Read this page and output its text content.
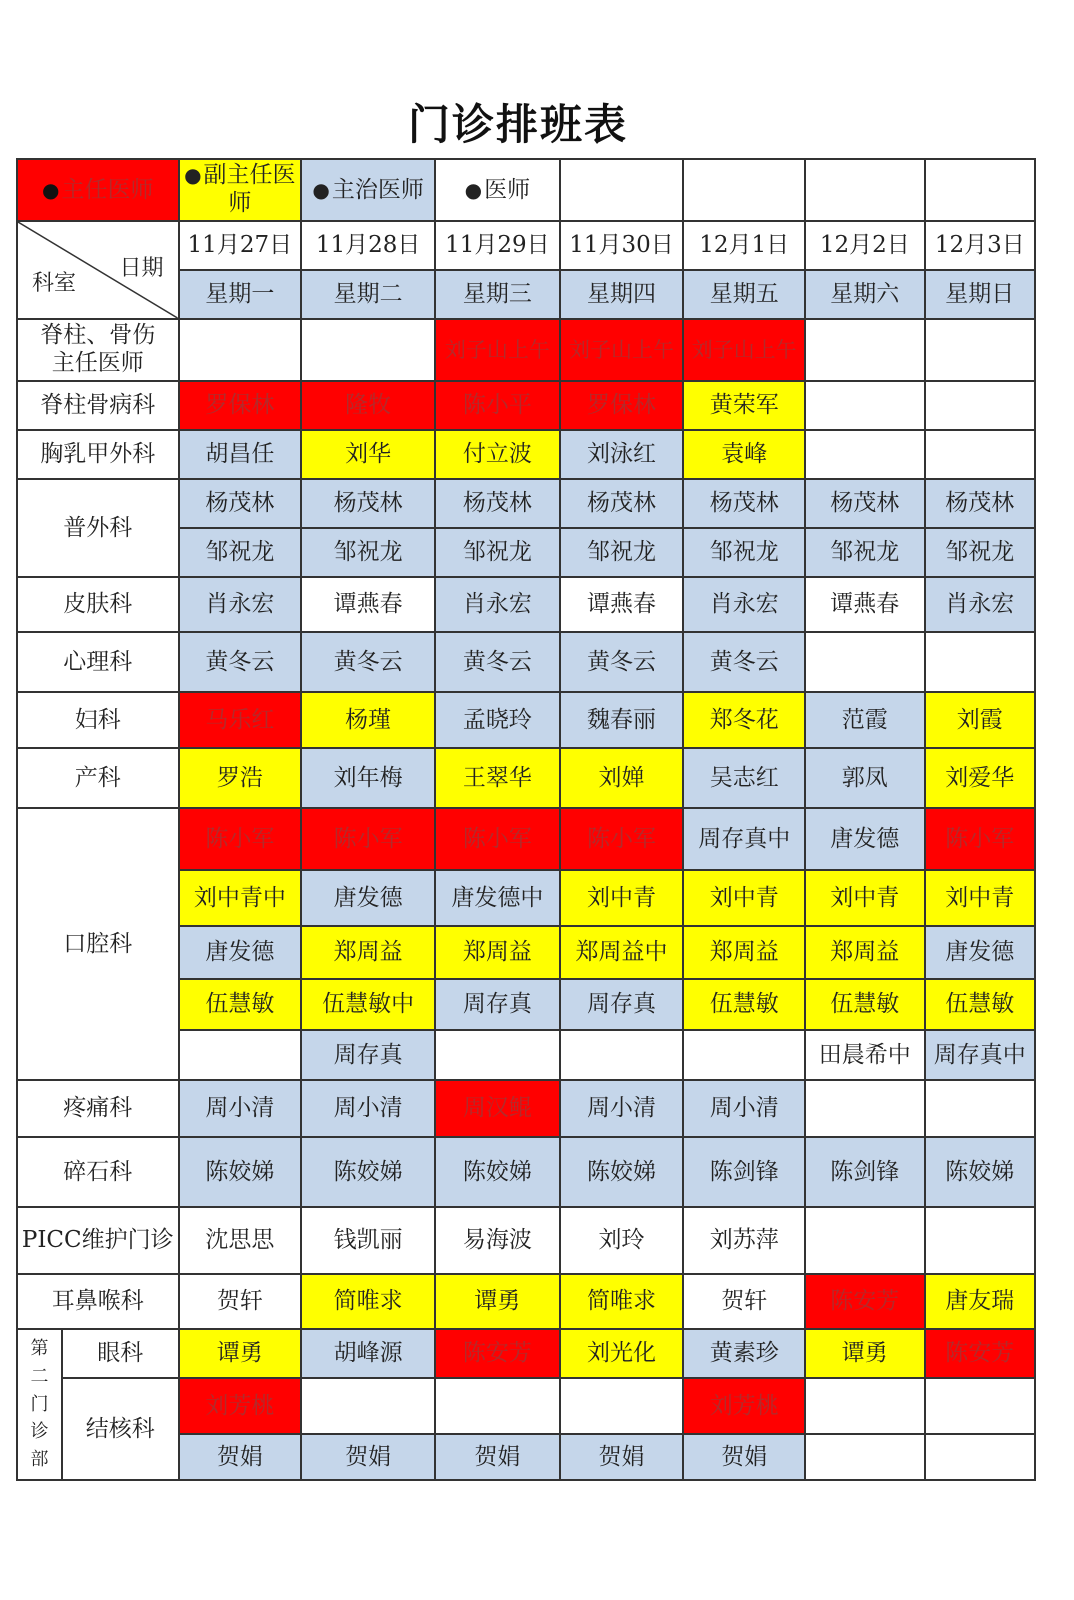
门诊排班表
●主任医师		●副主任医师	●主治医师	●医师				

科室
日期		11月27日	11月28日	11月29日	11月30日	12月1日	12月2日	12月3日
		星期一	星期二	星期三	星期四	星期五	星期六	星期日
脊柱、骨伤主任医师				刘子山上午	刘子山上午	刘子山上午		
脊柱骨病科		罗保林	隆牧	陈小平	罗保林	黄荣军		
胸乳甲外科		胡昌任	刘华	付立波	刘泳红	袁峰		
普外科		杨茂林	杨茂林	杨茂林	杨茂林	杨茂林	杨茂林	杨茂林
		邹祝龙	邹祝龙	邹祝龙	邹祝龙	邹祝龙	邹祝龙	邹祝龙
皮肤科		肖永宏	谭燕春	肖永宏	谭燕春	肖永宏	谭燕春	肖永宏
心理科		黄冬云	黄冬云	黄冬云	黄冬云	黄冬云		
妇科		马乐红	杨瑾	孟晓玲	魏春丽	郑冬花	范霞	刘霞
产科		罗浩	刘年梅	王翠华	刘婵	吴志红	郭凤	刘爱华
口腔科		陈小军	陈小军	陈小军	陈小军	周存真中	唐发德	陈小军
		刘中青中	唐发德	唐发德中	刘中青	刘中青	刘中青	刘中青
		唐发德	郑周益	郑周益	郑周益中	郑周益	郑周益	唐发德
		伍慧敏	伍慧敏中	周存真	周存真	伍慧敏	伍慧敏	伍慧敏
			周存真				田晨希中	周存真中
疼痛科		周小清	周小清	周汉鲲	周小清	周小清		
碎石科		陈姣娣	陈姣娣	陈姣娣	陈姣娣	陈剑锋	陈剑锋	陈姣娣
PICC维护门诊		沈思思	钱凯丽	易海波	刘玲	刘苏萍		
耳鼻喉科		贺轩	简唯求	谭勇	简唯求	贺轩	陈安芳	唐友瑞
第二门诊部	眼科	谭勇	胡峰源	陈安芳	刘光化	黄素珍	谭勇	陈安芳
	结核科	刘芳桃				刘芳桃		
		贺娟	贺娟	贺娟	贺娟	贺娟		
